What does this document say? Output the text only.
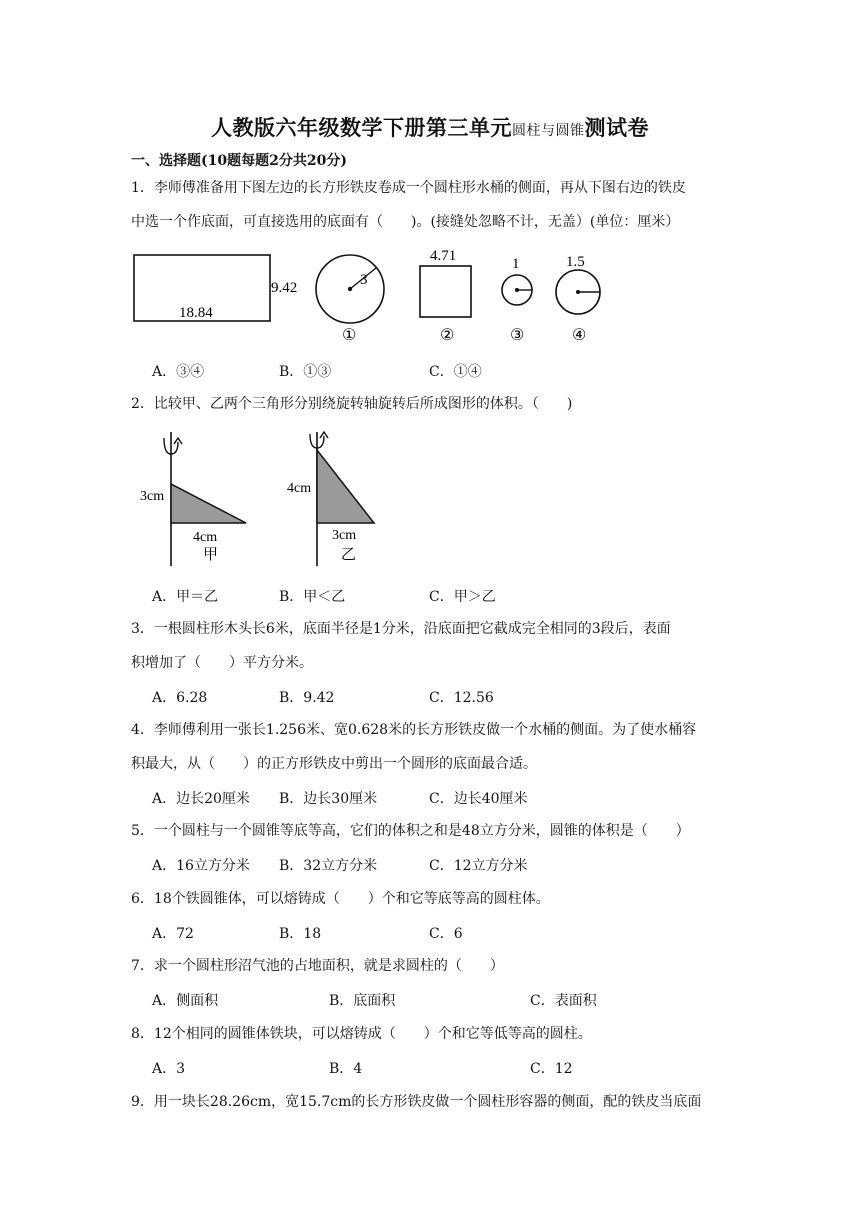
人教版六年级数学下册第三单元圆柱与圆锥测试卷
一、选择题(10题每题2分共20分)
1．李师傅准备用下图左边的长方形铁皮卷成一个圆柱形水桶的侧面，再从下图右边的铁皮
中选一个作底面，可直接选用的底面有（　　)。(接缝处忽略不计，无盖）(单位：厘米）
18.84
9.42	3
①
4.71
②
1
③
1.5
④
A．③④	B．①③	C．①④
2．比较甲、乙两个三角形分别绕旋转轴旋转后所成图形的体积。（　　)
3cm
4cm
甲
4cm
3cm
乙
A．甲＝乙	B．甲＜乙	C．甲＞乙
3．一根圆柱形木头长6米，底面半径是1分米，沿底面把它截成完全相同的3段后，表面
积增加了（　　）平方分米。
A．6.28	B．9.42	C．12.56
4．李师傅利用一张长1.256米、宽0.628米的长方形铁皮做一个水桶的侧面。为了使水桶容
积最大，从（　　）的正方形铁皮中剪出一个圆形的底面最合适。
A．边长20厘米 B．边长30厘米	C．边长40厘米
5．一个圆柱与一个圆锥等底等高，它们的体积之和是48立方分米，圆锥的体积是（　　）
A．16立方分米 B．32立方分米	C．12立方分米
6．18个铁圆锥体，可以熔铸成（　　）个和它等底等高的圆柱体。
A．72	B．18	C．6
7．求一个圆柱形沼气池的占地面积，就是求圆柱的（　　）
A．侧面积	B．底面积	C．表面积
8．12个相同的圆锥体铁块，可以熔铸成（　　）个和它等低等高的圆柱。
A．3	B．4	C．12
9．用一块长28.26cm，宽15.7cm的长方形铁皮做一个圆柱形容器的侧面，配的铁皮当底面
